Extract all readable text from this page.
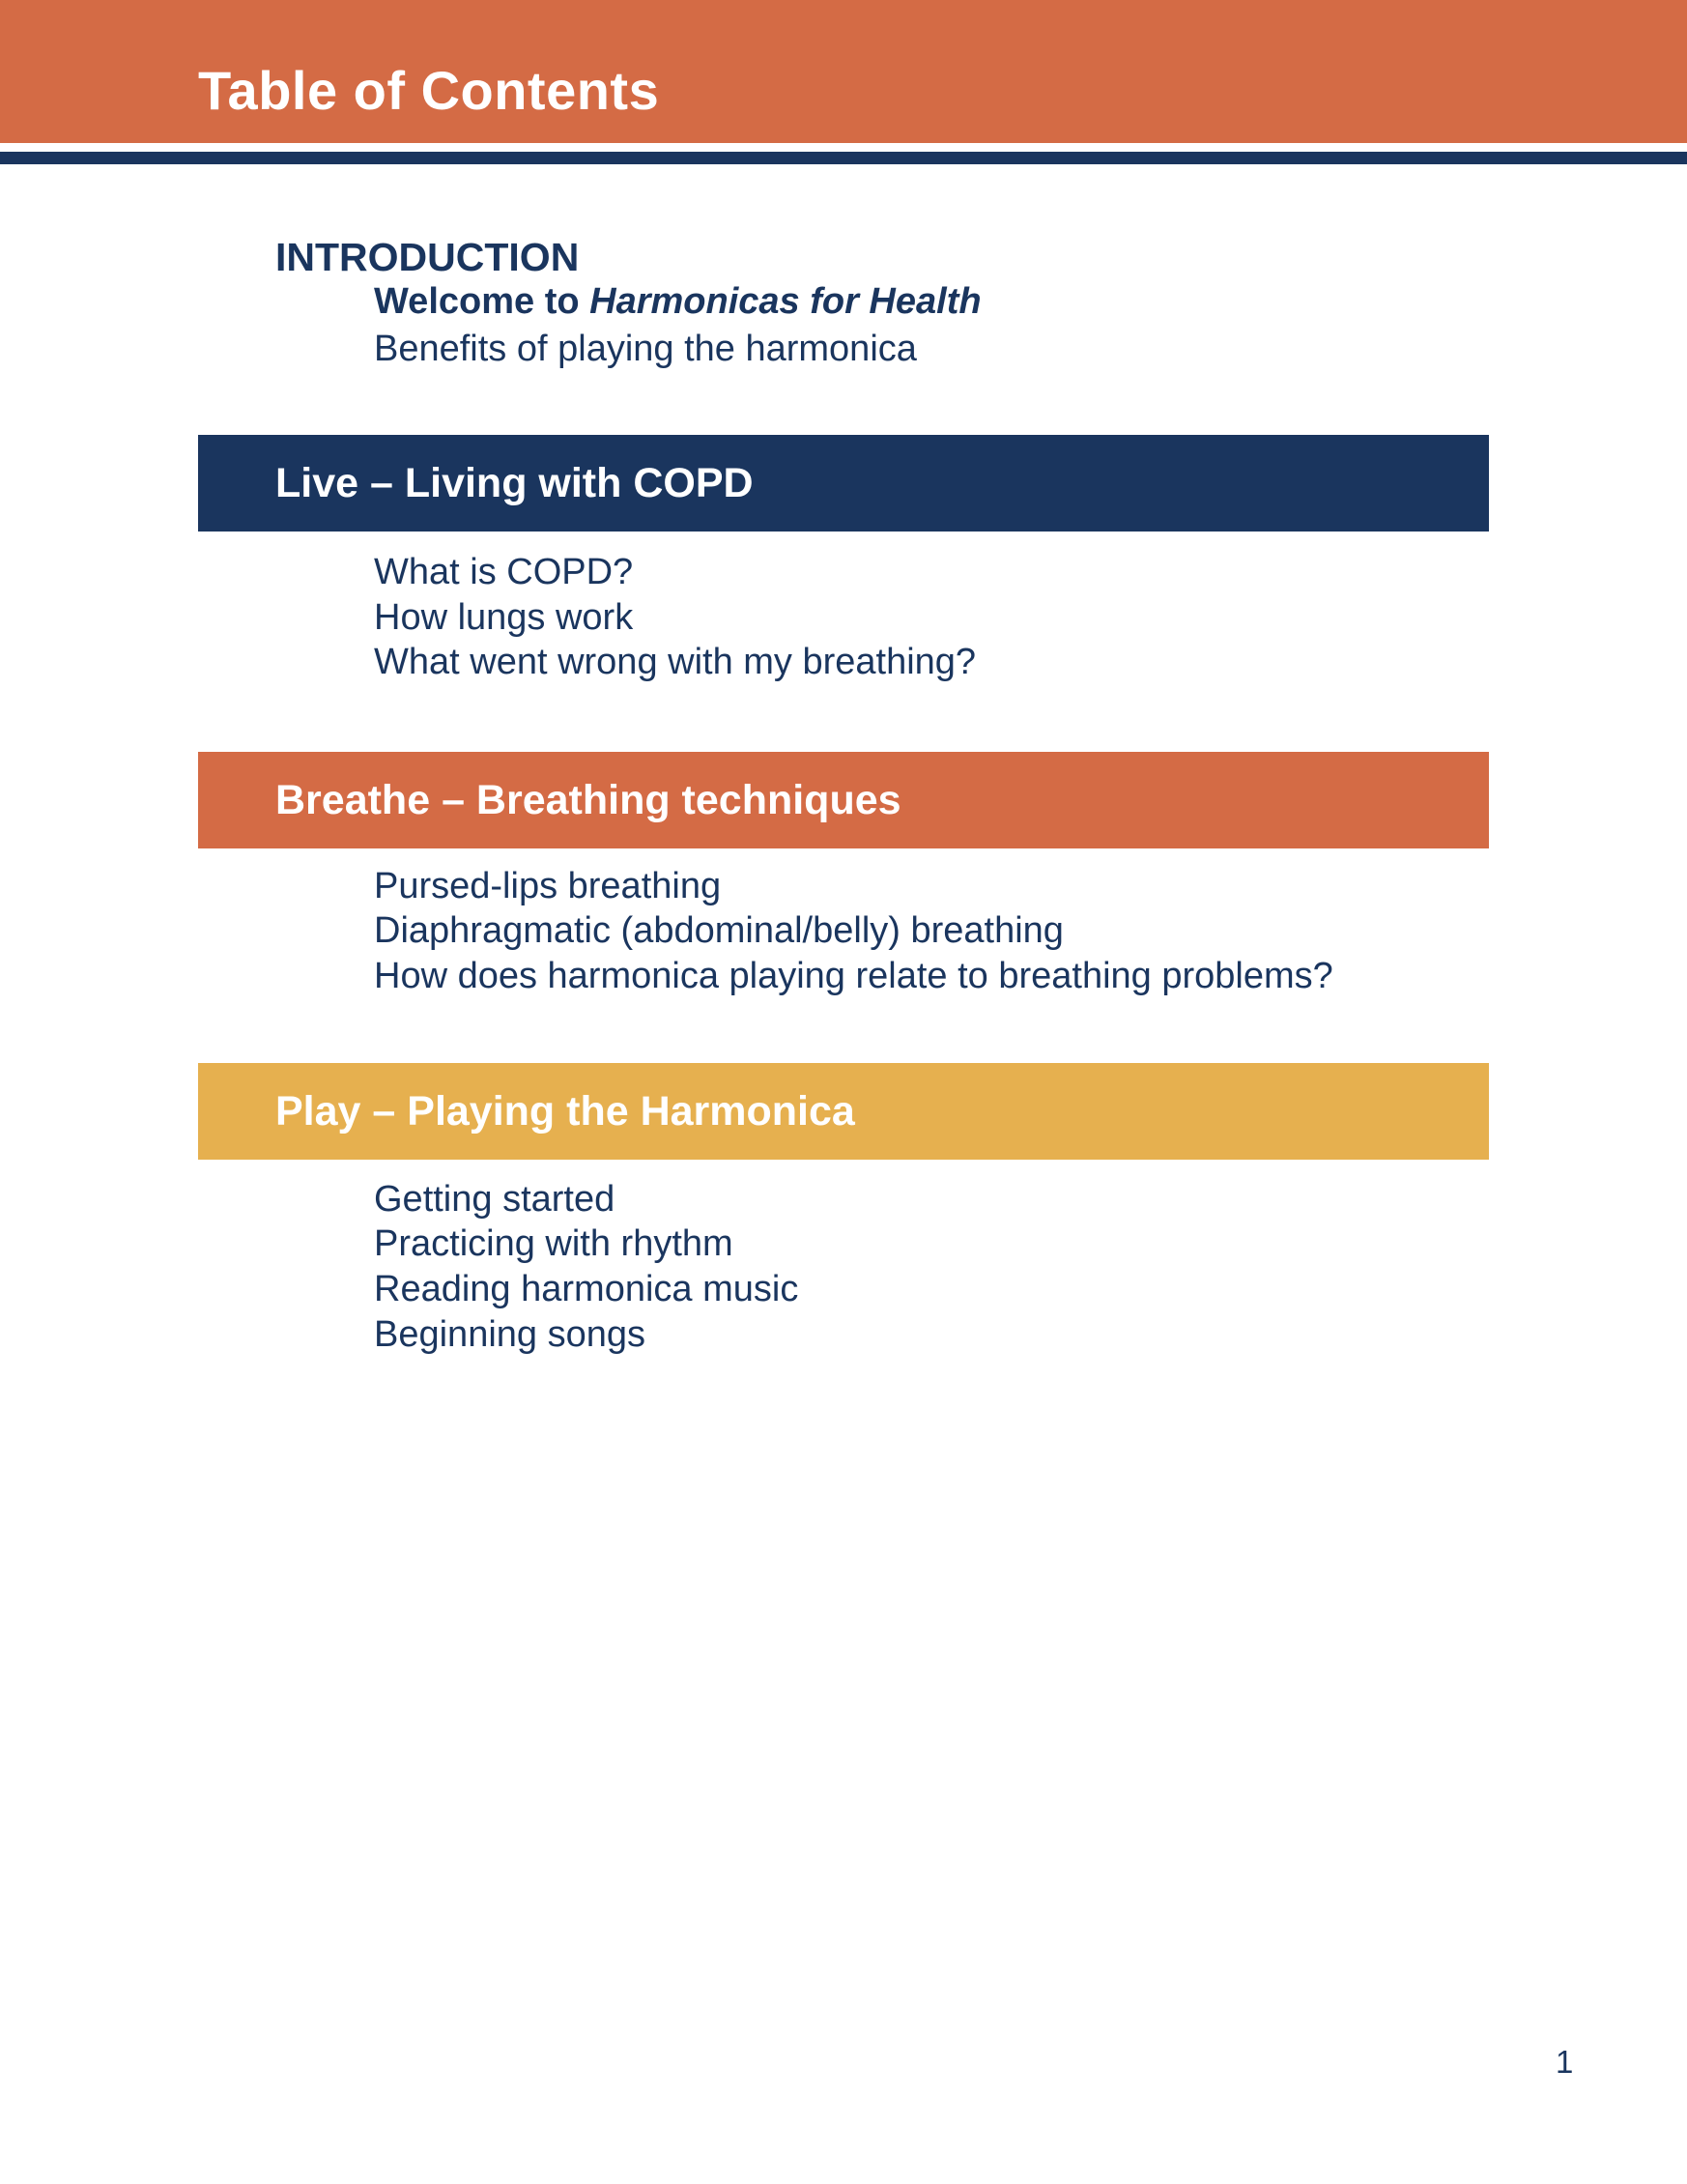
Table of Contents
INTRODUCTION
Welcome to Harmonicas for Health
Benefits of playing the harmonica
Live – Living with COPD
What is COPD?
How lungs work
What went wrong with my breathing?
Breathe – Breathing techniques
Pursed-lips breathing
Diaphragmatic (abdominal/belly) breathing
How does harmonica playing relate to breathing problems?
Play – Playing the Harmonica
Getting started
Practicing with rhythm
Reading harmonica music
Beginning songs
1
